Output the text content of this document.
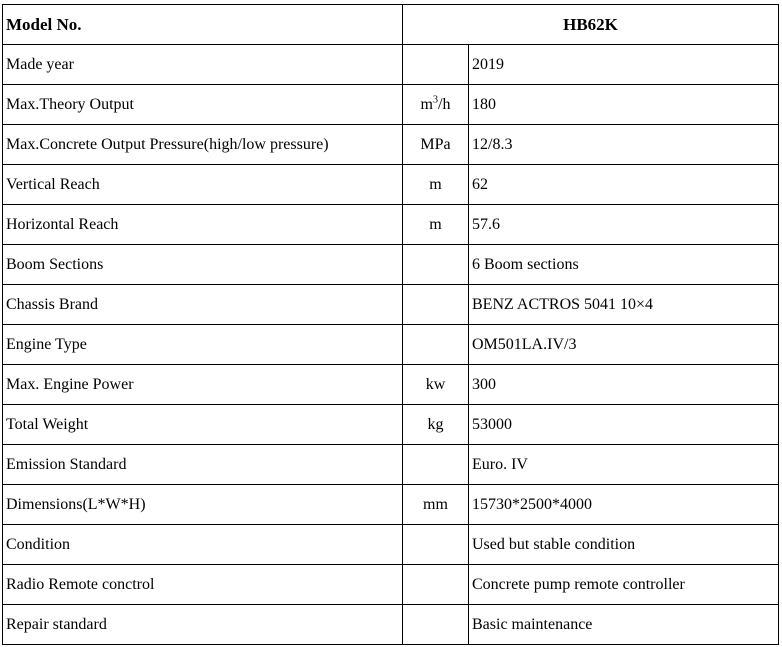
Model No.	HB62K	
Made year		2019
Max.Theory Output	$m^3/h$	180
Max.Concrete Output Pressure(high/low pressure)	MPa	12/8.3
Vertical Reach	m	62
Horizontal Reach	m	57.6
Boom Sections		6 Boom sections
Chassis Brand		BENZ ACTROS 5041 10×4
Engine Type		OM501LA.IV/3
Max. Engine Power	kw	300
Total Weight	kg	53000
Emission Standard		Euro. IV
Dimensions(L*W*H)	mm	15730*2500*4000
Condition		Used but stable condition
Radio Remote conctrol		Concrete pump remote controller
Repair standard		Basic maintenance
